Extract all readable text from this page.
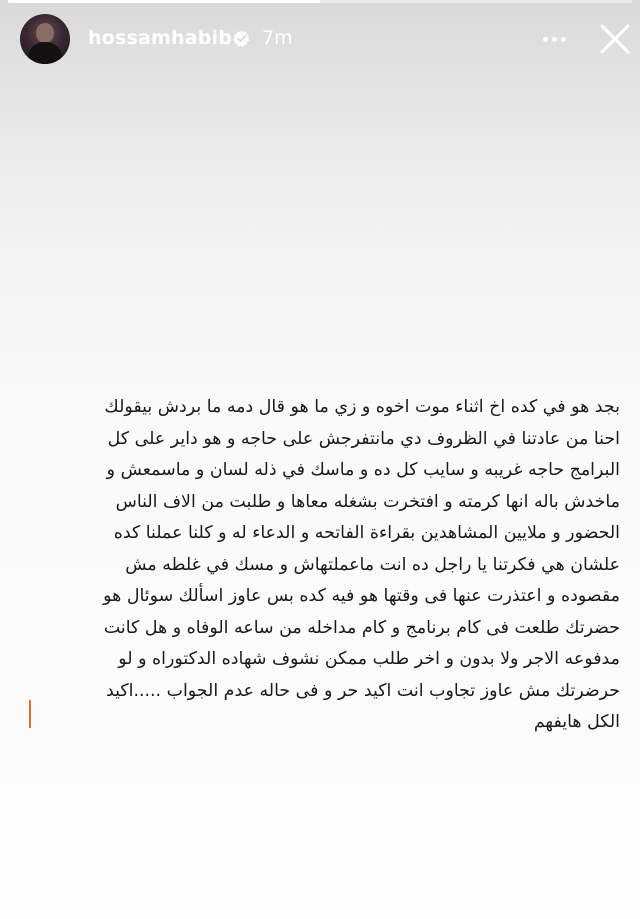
hossamhabib 7m
بجد هو في كده اخ اثناء موت اخوه و زي ما هو قال دمه ما بردش بيقولك
احنا من عادتنا في الظروف دي مانتفرجش على حاجه و هو داير على كل
البرامج حاجه غريبه و سايب كل ده و ماسك في ذله لسان و ماسمعش و
ماخدش باله انها كرمته و افتخرت بشغله معاها و طلبت من الاف الناس
الحضور و ملايين المشاهدين بقراءة الفاتحه و الدعاء له و كلنا عملنا كده
علشان هي فكرتنا يا راجل ده انت ماعملتهاش و مسك في غلطه مش
مقصوده و اعتذرت عنها فى وقتها هو فيه كده بس عاوز اسألك سوئال هو
حضرتك طلعت فى كام برنامج و كام مداخله من ساعه الوفاه و هل كانت
مدفوعه الاجر ولا بدون و اخر طلب ممكن نشوف شهاده الدكتوراه و لو
حرضرتك مش عاوز تجاوب انت اكيد حر و فى حاله عدم الجواب .....اكيد
الكل هايفهم
